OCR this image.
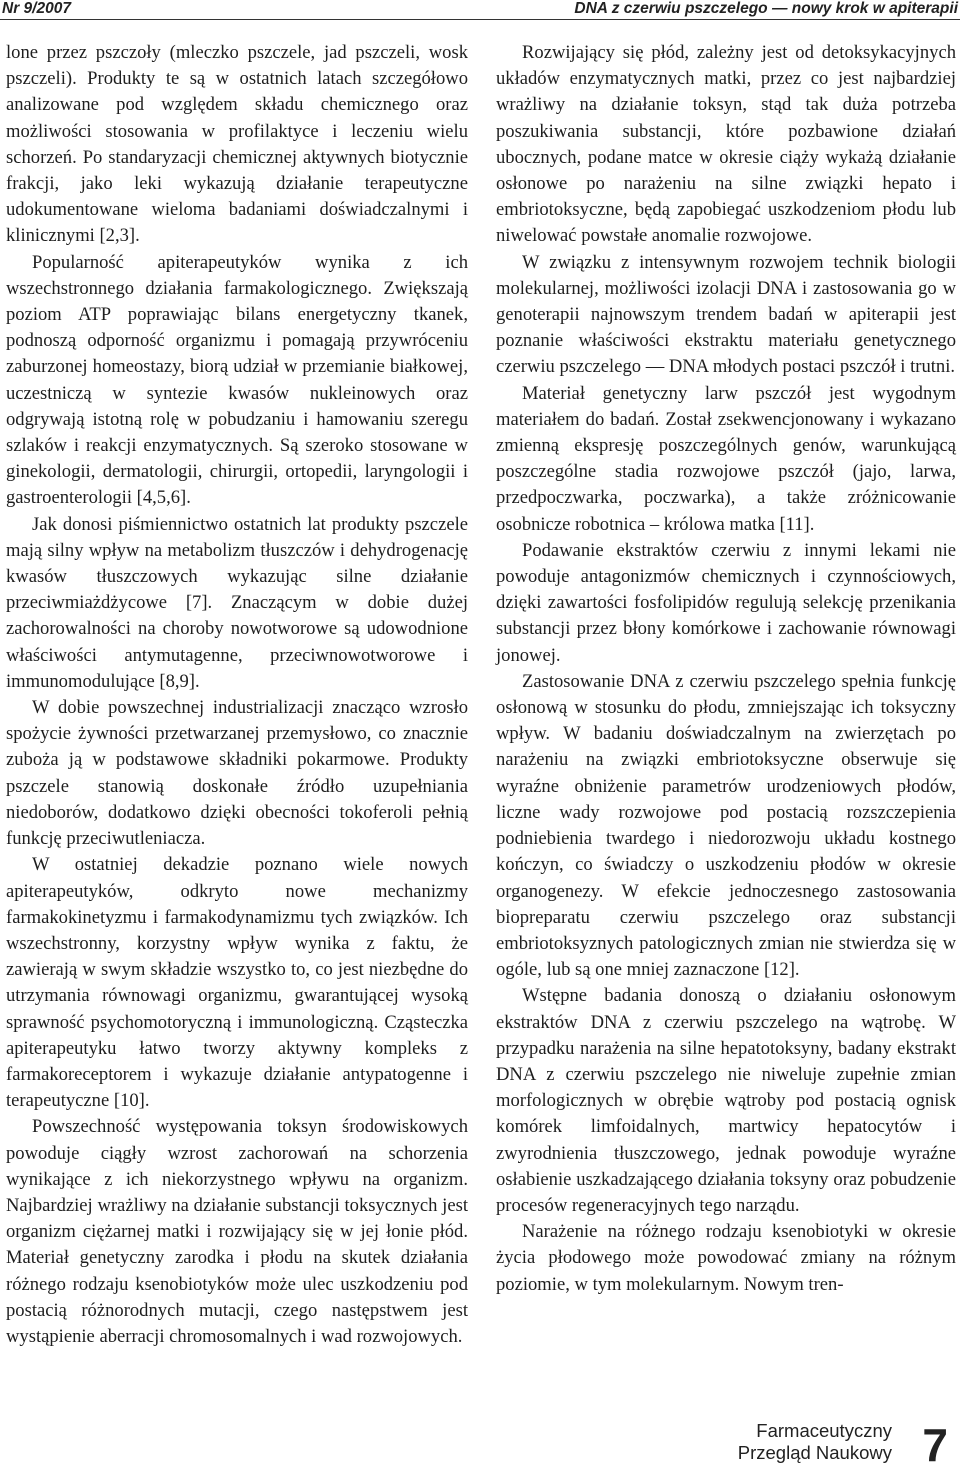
Nr 9/2007	DNA z czerwiu pszczelego — nowy krok w apiterapii

lone przez pszczoły (mleczko pszczele, jad pszczeli, wosk pszczeli). Produkty te są w ostatnich latach szczegółowo analizowane pod względem składu chemicznego oraz możliwości stosowania w profilaktyce i leczeniu wielu schorzeń. Po standaryzacji chemicznej aktywnych biotycznie frakcji, jako leki wykazują działanie terapeutyczne udokumentowane wieloma badaniami doświadczalnymi i klinicznymi [2,3].

Popularność apiterapeutyków wynika z ich wszechstronnego działania farmakologicznego. Zwiększają poziom ATP poprawiając bilans energetyczny tkanek, podnoszą odporność organizmu i pomagają przywróceniu zaburzonej homeostazy, biorą udział w przemianie białkowej, uczestniczą w syntezie kwasów nukleinowych oraz odgrywają istotną rolę w pobudzaniu i hamowaniu szeregu szlaków i reakcji enzymatycznych. Są szeroko stosowane w ginekologii, dermatologii, chirurgii, ortopedii, laryngologii i gastroenterologii [4,5,6].

Jak donosi piśmiennictwo ostatnich lat produkty pszczele mają silny wpływ na metabolizm tłuszczów i dehydrogenację kwasów tłuszczowych wykazując silne działanie przeciwmiażdżycowe [7]. Znaczącym w dobie dużej zachorowalności na choroby nowotworowe są udowodnione właściwości antymutagenne, przeciwnowotworowe i immunomodulujące [8,9].

W dobie powszechnej industrializacji znacząco wzrosło spożycie żywności przetwarzanej przemysłowo, co znacznie zuboża ją w podstawowe składniki pokarmowe. Produkty pszczele stanowią doskonałe źródło uzupełniania niedoborów, dodatkowo dzięki obecności tokoferoli pełnią funkcję przeciwutleniacza.

W ostatniej dekadzie poznano wiele nowych apiterapeutyków, odkryto nowe mechanizmy farmakokinetyzmu i farmakodynamizmu tych związków. Ich wszechstronny, korzystny wpływ wynika z faktu, że zawierają w swym składzie wszystko to, co jest niezbędne do utrzymania równowagi organizmu, gwarantującej wysoką sprawność psychomotoryczną i immunologiczną. Cząsteczka apiterapeutyku łatwo tworzy aktywny kompleks z farmakoreceptorem i wykazuje działanie antypatogenne i terapeutyczne [10].

Powszechność występowania toksyn środowiskowych powoduje ciągły wzrost zachorowań na schorzenia wynikające z ich niekorzystnego wpływu na organizm. Najbardziej wrażliwy na działanie substancji toksycznych jest organizm ciężarnej matki i rozwijający się w jej łonie płód. Materiał genetyczny zarodka i płodu na skutek działania różnego rodzaju ksenobiotyków może ulec uszkodzeniu pod postacią różnorodnych mutacji, czego następstwem jest wystąpienie aberracji chromosomalnych i wad rozwojowych.

Rozwijający się płód, zależny jest od detoksykacyjnych układów enzymatycznych matki, przez co jest najbardziej wrażliwy na działanie toksyn, stąd tak duża potrzeba poszukiwania substancji, które pozbawione działań ubocznych, podane matce w okresie ciąży wykażą działanie osłonowe po narażeniu na silne związki hepato i embriotoksyczne, będą zapobiegać uszkodzeniom płodu lub niwelować powstałe anomalie rozwojowe.

W związku z intensywnym rozwojem technik biologii molekularnej, możliwości izolacji DNA i zastosowania go w genoterapii najnowszym trendem badań w apiterapii jest poznanie właściwości ekstraktu materiału genetycznego czerwiu pszczelego — DNA młodych postaci pszczół i trutni.

Materiał genetyczny larw pszczół jest wygodnym materiałem do badań. Został zsekwencjonowany i wykazano zmienną ekspresję poszczególnych genów, warunkującą poszczególne stadia rozwojowe pszczół (jajo, larwa, przedpoczwarka, poczwarka), a także zróżnicowanie osobnicze robotnica – królowa matka [11].

Podawanie ekstraktów czerwiu z innymi lekami nie powoduje antagonizmów chemicznych i czynnościowych, dzięki zawartości fosfolipidów regulują selekcję przenikania substancji przez błony komórkowe i zachowanie równowagi jonowej.

Zastosowanie DNA z czerwiu pszczelego spełnia funkcję osłonową w stosunku do płodu, zmniejszając ich toksyczny wpływ. W badaniu doświadczalnym na zwierzętach po narażeniu na związki embriotoksyczne obserwuje się wyraźne obniżenie parametrów urodzeniowych płodów, liczne wady rozwojowe pod postacią rozszczepienia podniebienia twardego i niedorozwoju układu kostnego kończyn, co świadczy o uszkodzeniu płodów w okresie organogenezy. W efekcie jednoczesnego zastosowania biopreparatu czerwiu pszczelego oraz substancji embriotoksyznych patologicznych zmian nie stwierdza się w ogóle, lub są one mniej zaznaczone [12].

Wstępne badania donoszą o działaniu osłonowym ekstraktów DNA z czerwiu pszczelego na wątrobę. W przypadku narażenia na silne hepatotoksyny, badany ekstrakt DNA z czerwiu pszczelego nie niweluje zupełnie zmian morfologicznych w obrębie wątroby pod postacią ognisk komórek limfoidalnych, martwicy hepatocytów i zwyrodnienia tłuszczowego, jednak powoduje wyraźne osłabienie uszkadzającego działania toksyny oraz pobudzenie procesów regeneracyjnych tego narządu.

Narażenie na różnego rodzaju ksenobiotyki w okresie życia płodowego może powodować zmiany na różnym poziomie, w tym molekularnym. Nowym tren-

Farmaceutyczny
Przegląd Naukowy 7
